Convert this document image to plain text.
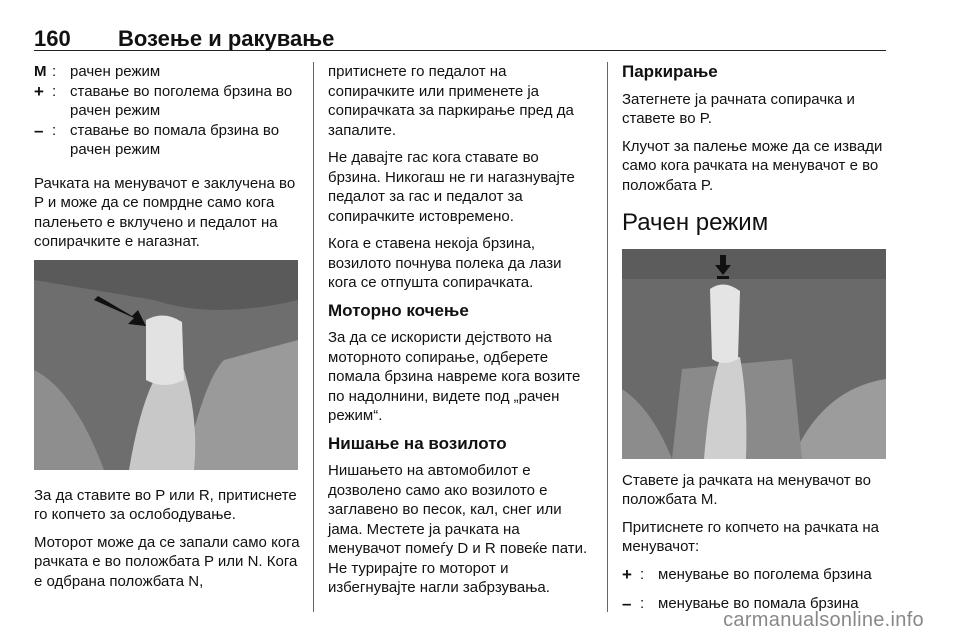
160 Возење и ракување
M : рачен режим
+ : ставање во поголема брзина во рачен режим
– : ставање во помала брзина во рачен режим

Рачката на менувачот е заклучена во P и може да се помрдне само кога палењето е вклучено и педалот на сопирачките е нагазнат.

За да ставите во P или R, притиснете го копчето за ослободување.

Моторот може да се запали само кога рачката е во положбата P или N. Кога е одбрана положбата N,

притиснете го педалот на сопирачките или применете ја сопирачката за паркирање пред да запалите.

Не давајте гас кога ставате во брзина. Никогаш не ги нагазнувајте педалот за гас и педалот за сопирачките истовремено.

Кога е ставена некоја брзина, возилото почнува полека да лази кога се отпушта сопирачката.

Моторно кочење

За да се искористи дејството на моторното сопирање, одберете помала брзина навреме кога возите по надолнини, видете под „рачен режим“.

Нишање на возилото

Нишањето на автомобилот е дозволено само ако возилото е заглавено во песок, кал, снег или јама. Местете ја рачката на менувачот помеѓу D и R повеќе пати. Не турирајте го моторот и избегнувајте нагли забрзувања.

Паркирање

Затегнете ја рачната сопирачка и ставете во P.

Клучот за палење може да се извади само кога рачката на менувачот е во положбата P.

Рачен режим

Ставете ја рачката на менувачот во положбата M.

Притиснете го копчето на рачката на менувачот:

+ : менување во поголема брзина
– : менување во помала брзина
carmanualsonline.info
